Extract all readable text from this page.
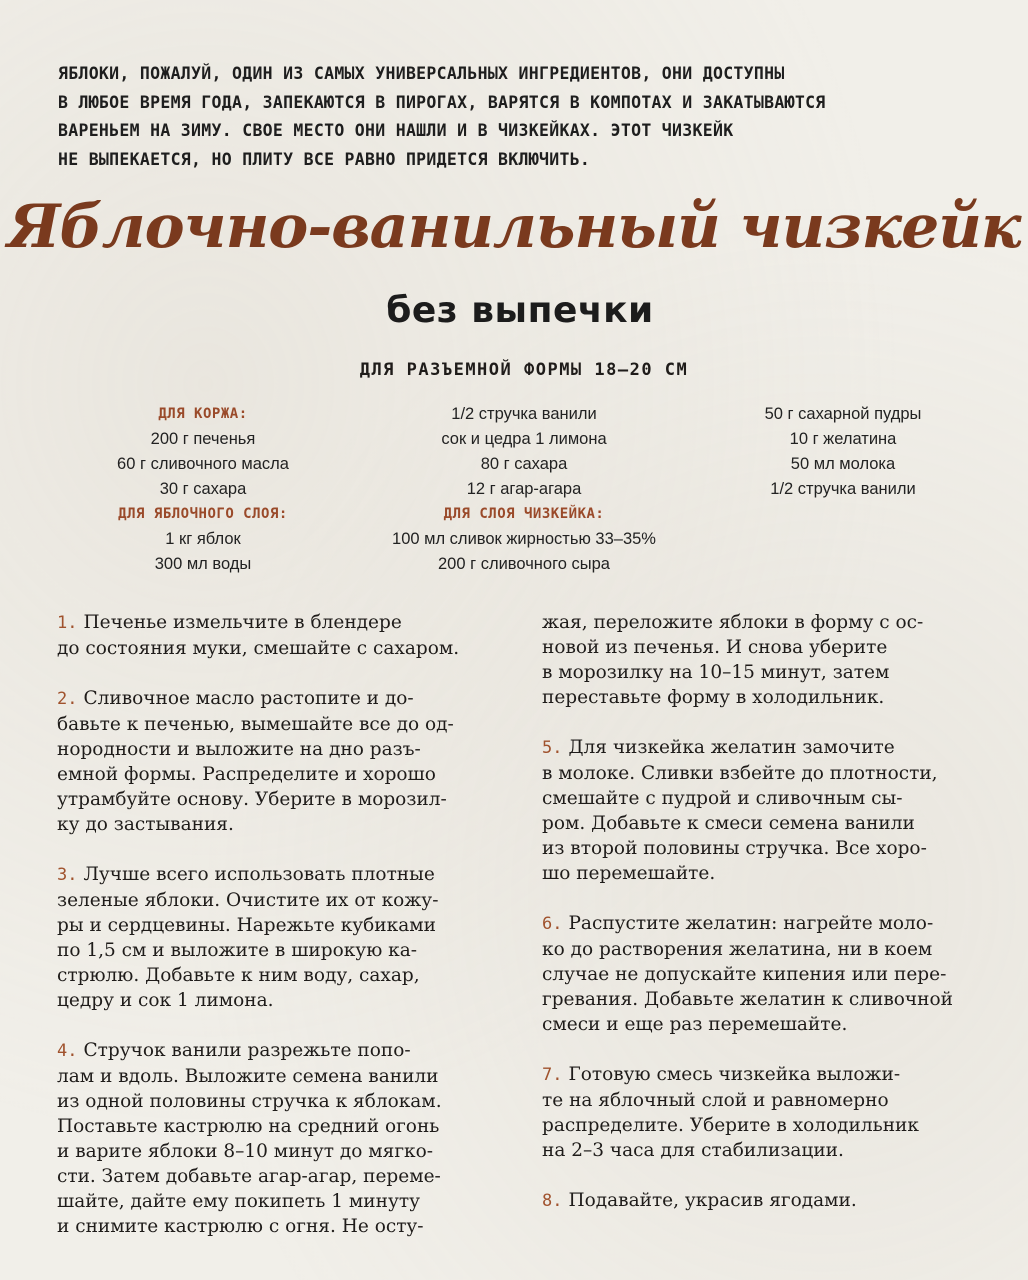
ЯБЛОКИ, ПОЖАЛУЙ, ОДИН ИЗ САМЫХ УНИВЕРСАЛЬНЫХ ИНГРЕДИЕНТОВ, ОНИ ДОСТУПНЫ
В ЛЮБОЕ ВРЕМЯ ГОДА, ЗАПЕКАЮТСЯ В ПИРОГАХ, ВАРЯТСЯ В КОМПОТАХ И ЗАКАТЫВАЮТСЯ
ВАРЕНЬЕМ НА ЗИМУ. СВОЕ МЕСТО ОНИ НАШЛИ И В ЧИЗКЕЙКАХ. ЭТОТ ЧИЗКЕЙК
НЕ ВЫПЕКАЕТСЯ, НО ПЛИТУ ВСЕ РАВНО ПРИДЕТСЯ ВКЛЮЧИТЬ.
Яблочно-ванильный чизкейк
без выпечки
ДЛЯ РАЗЪЕМНОЙ ФОРМЫ 18–20 СМ
ДЛЯ КОРЖА:
200 г печенья
60 г сливочного масла
30 г сахара
ДЛЯ ЯБЛОЧНОГО СЛОЯ:
1 кг яблок
300 мл воды
1/2 стручка ванили
сок и цедра 1 лимона
80 г сахара
12 г агар-агара
ДЛЯ СЛОЯ ЧИЗКЕЙКА:
100 мл сливок жирностью 33–35%
200 г сливочного сыра
50 г сахарной пудры
10 г желатина
50 мл молока
1/2 стручка ванили
1. Печенье измельчите в блендере
до состояния муки, смешайте с сахаром.
2. Сливочное масло растопите и до-
бавьте к печенью, вымешайте все до од-
нородности и выложите на дно разъ-
емной формы. Распределите и хорошо
утрамбуйте основу. Уберите в морозил-
ку до застывания.
3. Лучше всего использовать плотные
зеленые яблоки. Очистите их от кожу-
ры и сердцевины. Нарежьте кубиками
по 1,5 см и выложите в широкую ка-
стрюлю. Добавьте к ним воду, сахар,
цедру и сок 1 лимона.
4. Стручок ванили разрежьте попо-
лам и вдоль. Выложите семена ванили
из одной половины стручка к яблокам.
Поставьте кастрюлю на средний огонь
и варите яблоки 8–10 минут до мягко-
сти. Затем добавьте агар-агар, переме-
шайте, дайте ему покипеть 1 минуту
и снимите кастрюлю с огня. Не осту-
жая, переложите яблоки в форму с ос-
новой из печенья. И снова уберите
в морозилку на 10–15 минут, затем
переставьте форму в холодильник.
5. Для чизкейка желатин замочите
в молоке. Сливки взбейте до плотности,
смешайте с пудрой и сливочным сы-
ром. Добавьте к смеси семена ванили
из второй половины стручка. Все хоро-
шо перемешайте.
6. Распустите желатин: нагрейте моло-
ко до растворения желатина, ни в коем
случае не допускайте кипения или пере-
гревания. Добавьте желатин к сливочной
смеси и еще раз перемешайте.
7. Готовую смесь чизкейка выложи-
те на яблочный слой и равномерно
распределите. Уберите в холодильник
на 2–3 часа для стабилизации.
8. Подавайте, украсив ягодами.
